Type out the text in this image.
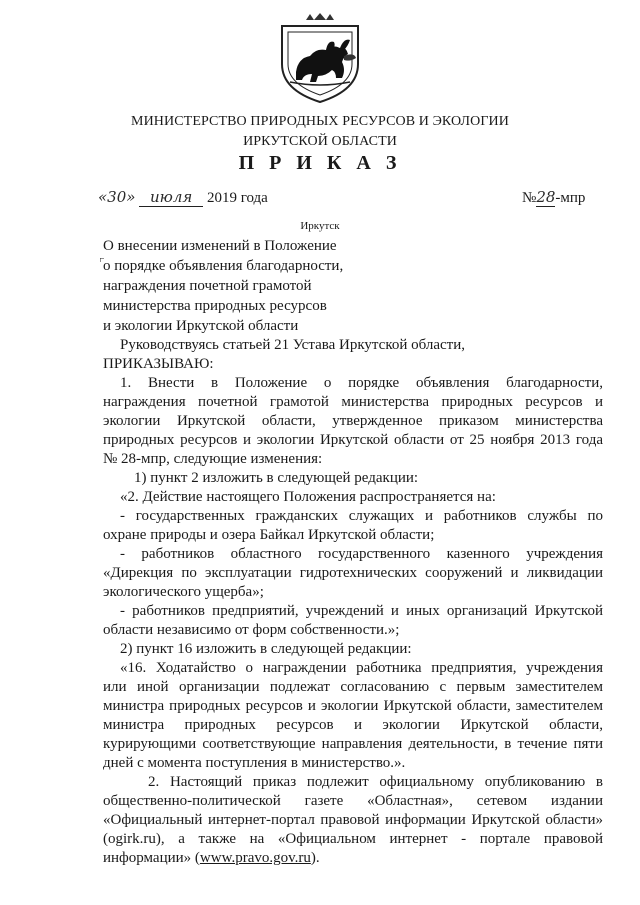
МИНИСТЕРСТВО ПРИРОДНЫХ РЕСУРСОВ И ЭКОЛОГИИ
ИРКУТСКОЙ ОБЛАСТИ
П Р И К А З
«30» июля 2019 года	№28-мпр
Иркутск
О внесении изменений в Положение
о порядке объявления благодарности,
награждения почетной грамотой
министерства природных ресурсов
и экологии Иркутской области
Руководствуясь статьей 21 Устава Иркутской области,
ПРИКАЗЫВАЮ:
1. Внести в Положение о порядке объявления благодарности,
награждения почетной грамотой министерства природных ресурсов и
экологии Иркутской области, утвержденное приказом министерства
природных ресурсов и экологии Иркутской области от 25 ноября 2013 года
№ 28-мпр, следующие изменения:
1) пункт 2 изложить в следующей редакции:
«2. Действие настоящего Положения распространяется на:
- государственных гражданских служащих и работников службы по
охране природы и озера Байкал Иркутской области;
- работников областного государственного казенного учреждения
«Дирекция по эксплуатации гидротехнических сооружений и ликвидации
экологического ущерба»;
- работников предприятий, учреждений и иных организаций Иркутской
области независимо от форм собственности.»;
2) пункт 16 изложить в следующей редакции:
«16. Ходатайство о награждении работника предприятия, учреждения
или иной организации подлежат согласованию с первым заместителем
министра природных ресурсов и экологии Иркутской области, заместителем
министра природных ресурсов и экологии Иркутской области,
курирующими соответствующие направления деятельности, в течение пяти
дней с момента поступления в министерство.».
2. Настоящий приказ подлежит официальному опубликованию в
общественно-политической газете «Областная», сетевом издании
«Официальный интернет-портал правовой информации Иркутской области»
(ogirk.ru), а также на «Официальном интернет - портале правовой
информации» (www.pravo.gov.ru).
